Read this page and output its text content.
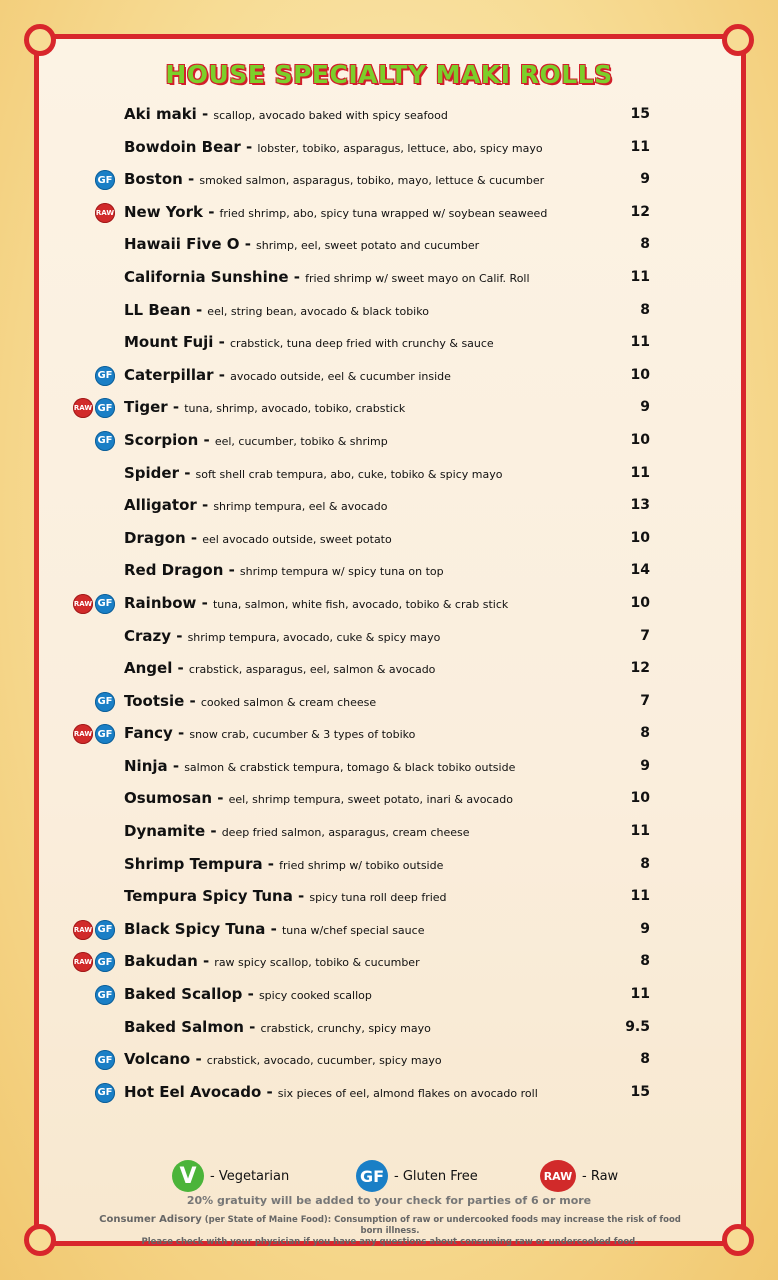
HOUSE SPECIALTY MAKI ROLLS
Aki maki - scallop, avocado baked with spicy seafood	15
Bowdoin Bear - lobster, tobiko, asparagus, lettuce, abo, spicy mayo	11
GF Boston - smoked salmon, asparagus, tobiko, mayo, lettuce & cucumber	9
RAW New York - fried shrimp, abo, spicy tuna wrapped w/ soybean seaweed	12
Hawaii Five O - shrimp, eel, sweet potato and cucumber	8
California Sunshine - fried shrimp w/ sweet mayo on Calif. Roll	11
LL Bean - eel, string bean, avocado & black tobiko	8
Mount Fuji - crabstick, tuna deep fried with crunchy & sauce	11
GF Caterpillar - avocado outside, eel & cucumber inside	10
RAW GF Tiger - tuna, shrimp, avocado, tobiko, crabstick	9
GF Scorpion - eel, cucumber, tobiko & shrimp	10
Spider - soft shell crab tempura, abo, cuke, tobiko & spicy mayo	11
Alligator - shrimp tempura, eel & avocado	13
Dragon - eel avocado outside, sweet potato	10
Red Dragon - shrimp tempura w/ spicy tuna on top	14
RAW GF Rainbow - tuna, salmon, white fish, avocado, tobiko & crab stick	10
Crazy - shrimp tempura, avocado, cuke & spicy mayo	7
Angel - crabstick, asparagus, eel, salmon & avocado	12
GF Tootsie - cooked salmon & cream cheese	7
RAW GF Fancy - snow crab, cucumber & 3 types of tobiko	8
Ninja - salmon & crabstick tempura, tomago & black tobiko outside	9
Osumosan - eel, shrimp tempura, sweet potato, inari & avocado	10
Dynamite - deep fried salmon, asparagus, cream cheese	11
Shrimp Tempura - fried shrimp w/ tobiko outside	8
Tempura Spicy Tuna - spicy tuna roll deep fried	11
RAW GF Black Spicy Tuna - tuna w/chef special sauce	9
RAW GF Bakudan - raw spicy scallop, tobiko & cucumber	8
GF Baked Scallop - spicy cooked scallop	11
Baked Salmon - crabstick, crunchy, spicy mayo	9.5
GF Volcano - crabstick, avocado, cucumber, spicy mayo	8
GF Hot Eel Avocado - six pieces of eel, almond flakes on avocado roll	15
V	- Vegetarian	GF - Gluten Free	RAW - Raw
20% gratuity will be added to your check for parties of 6 or more
Consumer Adisory (per State of Maine Food): Consumption of raw or undercooked foods may increase the risk of food born illness.
Please check with your physician if you have any questions about consuming raw or undercooked food.
